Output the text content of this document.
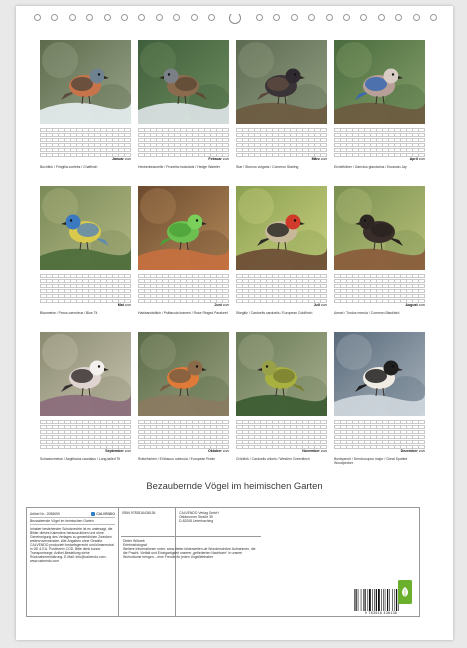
Januar 2025
Buchfink / Fringilla coelebs / Chaffinch
Februar 2025
Heckenbraunelle / Prunella modularis / Hedge Warbler
März 2025
Star / Sturnus vulgaris / Common Starling
April 2025
Eichelhäher / Garrulus glandarius / Eurasian Jay
Mai 2025
Blaumeise / Parus caeruleus / Blue Tit
Juni 2025
Halsbandsittich / Psittacula krameri / Rose Ringed Parakeet
Juli 2025
Stieglitz / Carduelis carduelis / European Goldfinch
August 2025
Amsel / Turdus merula / Common Blackbird
September 2025
Schwanzmeise / Aegithalos caudatus / Long-tailed Tit
Oktober 2025
Rotkehlchen / Erithacus rubecula / European Robin
November 2025
Grünfink / Carduelis chloris / Western Greenfinch
Dezember 2025
Buntspecht / Dendrocopos major / Great Spotted Woodpecker
Bezaubernde Vögel im heimischen Garten
Artikel Nr.: 2058659	CALVENDO
Bezaubernde Vögel im heimischen Garten
Inhaber bestehender Schutzrechte ist es untersagt, die Bilder dieses Kalenders herauszulösen und ohne Genehmigung des Verlages zu gewerblichen Zwecken weiterzuverwenden. Alle Angaben ohne Gewähr. CALVENDO produziert bedarfsgerecht und klimaneutral in DE & EU. Positivrein COD. Bitte denk kurzer Transportwege. Artikel-Bestellung siehe Rücknahmeerklärung. E-Mail: info@calvendo.com - www.calvendo.com
ISBN 9783516436136	CALVENDO Verlag GmbH
Ottobrunner Straße 39
D-82008 Unterhaching
Dieter Wilczek
Erlebnisfotograf
Weitere Informationen unter: www.dieter-bilderwelten.de Wunderschöne Aufnahmen, die die Pracht, Vielfalt und Einzigartigkeit unserer „gefiederten Nachbarn“ in unsere Wohnräume bringen – eine Freude für jeden Vogelliebhaber
9 783516 436136
